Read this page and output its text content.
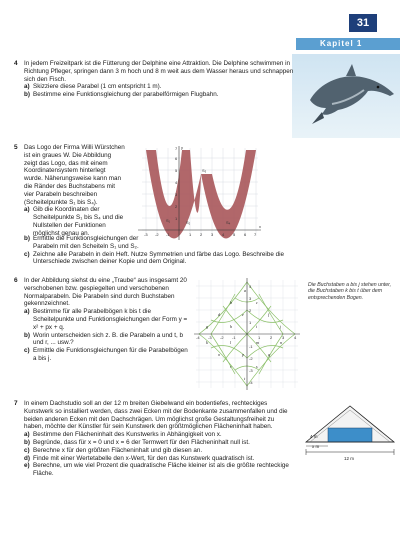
31
Kapitel 1
4 In jedem Freizeitpark ist die Fütterung der Delphine eine Attraktion. Die Delphine schwimmen in Richtung Pfleger, springen dann 3 m hoch und 8 m weit aus dem Wasser heraus und schnappen sich den Fisch.
a) Skizziere diese Parabel (1 cm entspricht 1 m).
b) Bestimme eine Funktionsgleichung der parabelförmigen Flugbahn.
5 Das Logo der Firma Willi Würstchen ist ein graues W. Die Abbildung zeigt das Logo, das mit einem Koordinatensystem hinterlegt wurde. Näherungsweise kann man die Ränder des Buchstabens mit vier Parabeln beschreiben (Scheitelpunkte S₁ bis S₄).
a) Gib die Koordinaten der Scheitelpunkte S₁ bis S₄ und die Nullstellen der Funktionen möglichst genau an.
b) Ermittle die Funktionsgleichungen der Parabeln mit den Scheiteln S₁ und S₂.
c) Zeichne alle Parabeln in dein Heft. Nutze Symmetrien und färbe das Logo. Beschreibe die Unterschiede zwischen deiner Kopie und dem Original.
-3 -2 -1	1 2 3 4 5 6 7
1
2
3
4
5
6
7
x
y
S₁	S₂
S₃
S₄
6 In der Abbildung siehst du eine „Traube“ aus insgesamt 20 verschobenen bzw. gespiegelten und verschobenen Normalparabeln. Die Parabeln sind durch Buchstaben gekennzeichnet.
a) Bestimme für alle Parabelbögen k bis t die Scheitelpunkte und Funktionsgleichungen der Form y = x² + px + q.
b) Worin unterscheiden sich z. B. die Parabeln a und t, b und r, ... usw.?
c) Ermittle die Funktionsgleichungen für die Parabelbögen a bis j.
Die Buchstaben a bis j stehen unter, die Buchstaben k bis t über dem entsprechenden Bogen.
-4 -3 -2 -1	1 2 3 4
4
3
2
1
-1
-2
-3
-4
a
b	c
d	e	f
g	h	i	j
k	l	m	n
o	p	q
r	s
t
7 In einem Dachstudio soll an der 12 m breiten Giebelwand ein bodentiefes, rechteckiges Kunstwerk so installiert werden, dass zwei Ecken mit der Bodenkante zusammenfallen und die beiden anderen Ecken mit den Dachschrägen. Um möglichst große Gestaltungsfreiheit zu haben, möchte der Künstler für sein Kunstwerk den größtmöglichen Flächeninhalt haben.
a) Bestimme den Flächeninhalt des Kunstwerks in Abhängigkeit von x.
b) Begründe, dass für x = 0 und x = 6 der Termwert für den Flächeninhalt null ist.
c) Berechne x für den größten Flächeninhalt und gib diesen an.
d) Finde mit einer Wertetabelle den x-Wert, für den das Kunstwerk quadratisch ist.
e) Berechne, um wie viel Prozent die quadratische Fläche kleiner ist als die größte rechteckige Fläche.
12 m
4 m
x m
